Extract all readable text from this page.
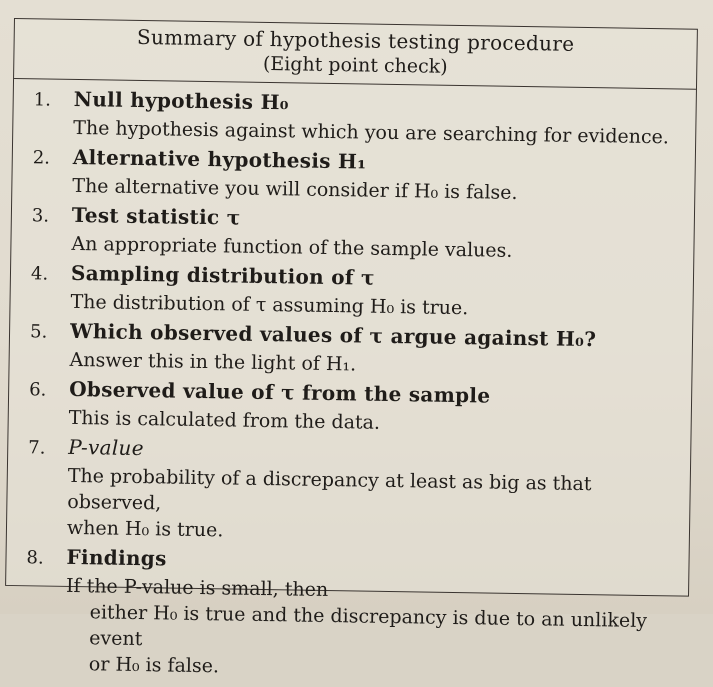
Summary of hypothesis testing procedure
(Eight point check)
1.	Null hypothesis H₀
The hypothesis against which you are searching for evidence.
2.	Alternative hypothesis H₁
The alternative you will consider if H₀ is false.
3.	Test statistic τ
An appropriate function of the sample values.
4.	Sampling distribution of τ
The distribution of τ assuming H₀ is true.
5.	Which observed values of τ argue against H₀?
Answer this in the light of H₁.
6.	Observed value of τ from the sample
This is calculated from the data.
7.	P-value
The probability of a discrepancy at least as big as that observed,
when H₀ is true.
8.	Findings
If the P-value is small, then
either H₀ is true and the discrepancy is due to an unlikely event
or H₀ is false.
